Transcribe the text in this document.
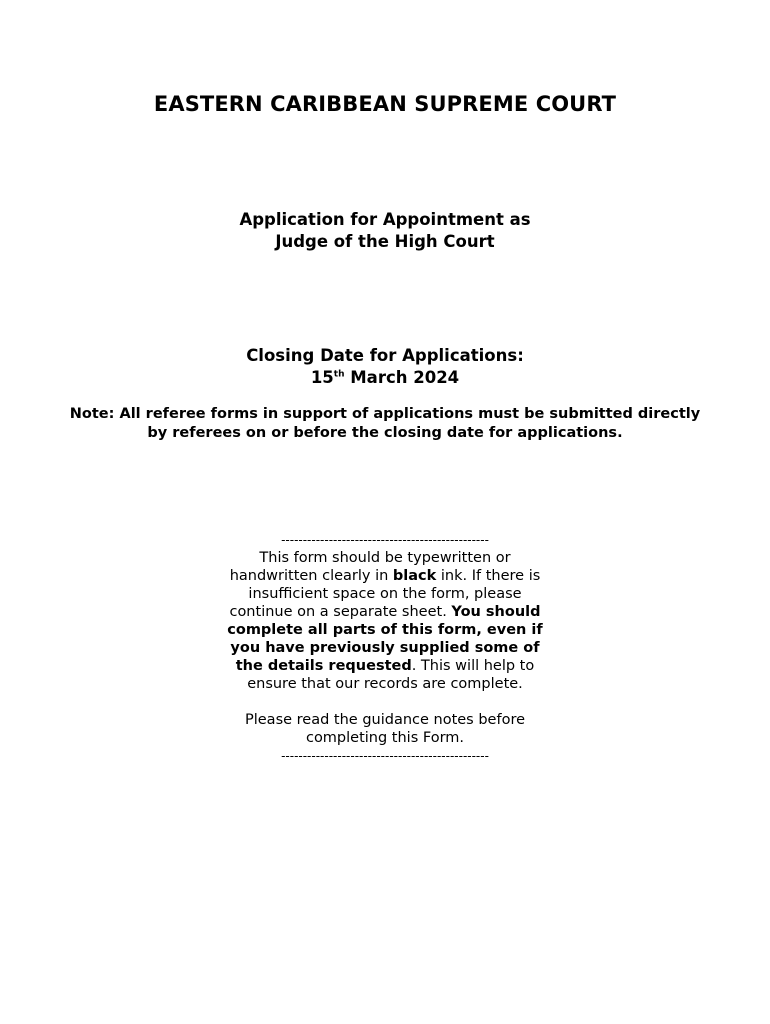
EASTERN CARIBBEAN SUPREME COURT
Application for Appointment as
Judge of the High Court
Closing Date for Applications:
15th March 2024
Note: All referee forms in support of applications must be submitted directly by referees on or before the closing date for applications.
------------------------------------------------

This form should be typewritten or handwritten clearly in black ink. If there is insufficient space on the form, please continue on a separate sheet. You should complete all parts of this form, even if you have previously supplied some of the details requested. This will help to ensure that our records are complete.

Please read the guidance notes before completing this Form.

------------------------------------------------
